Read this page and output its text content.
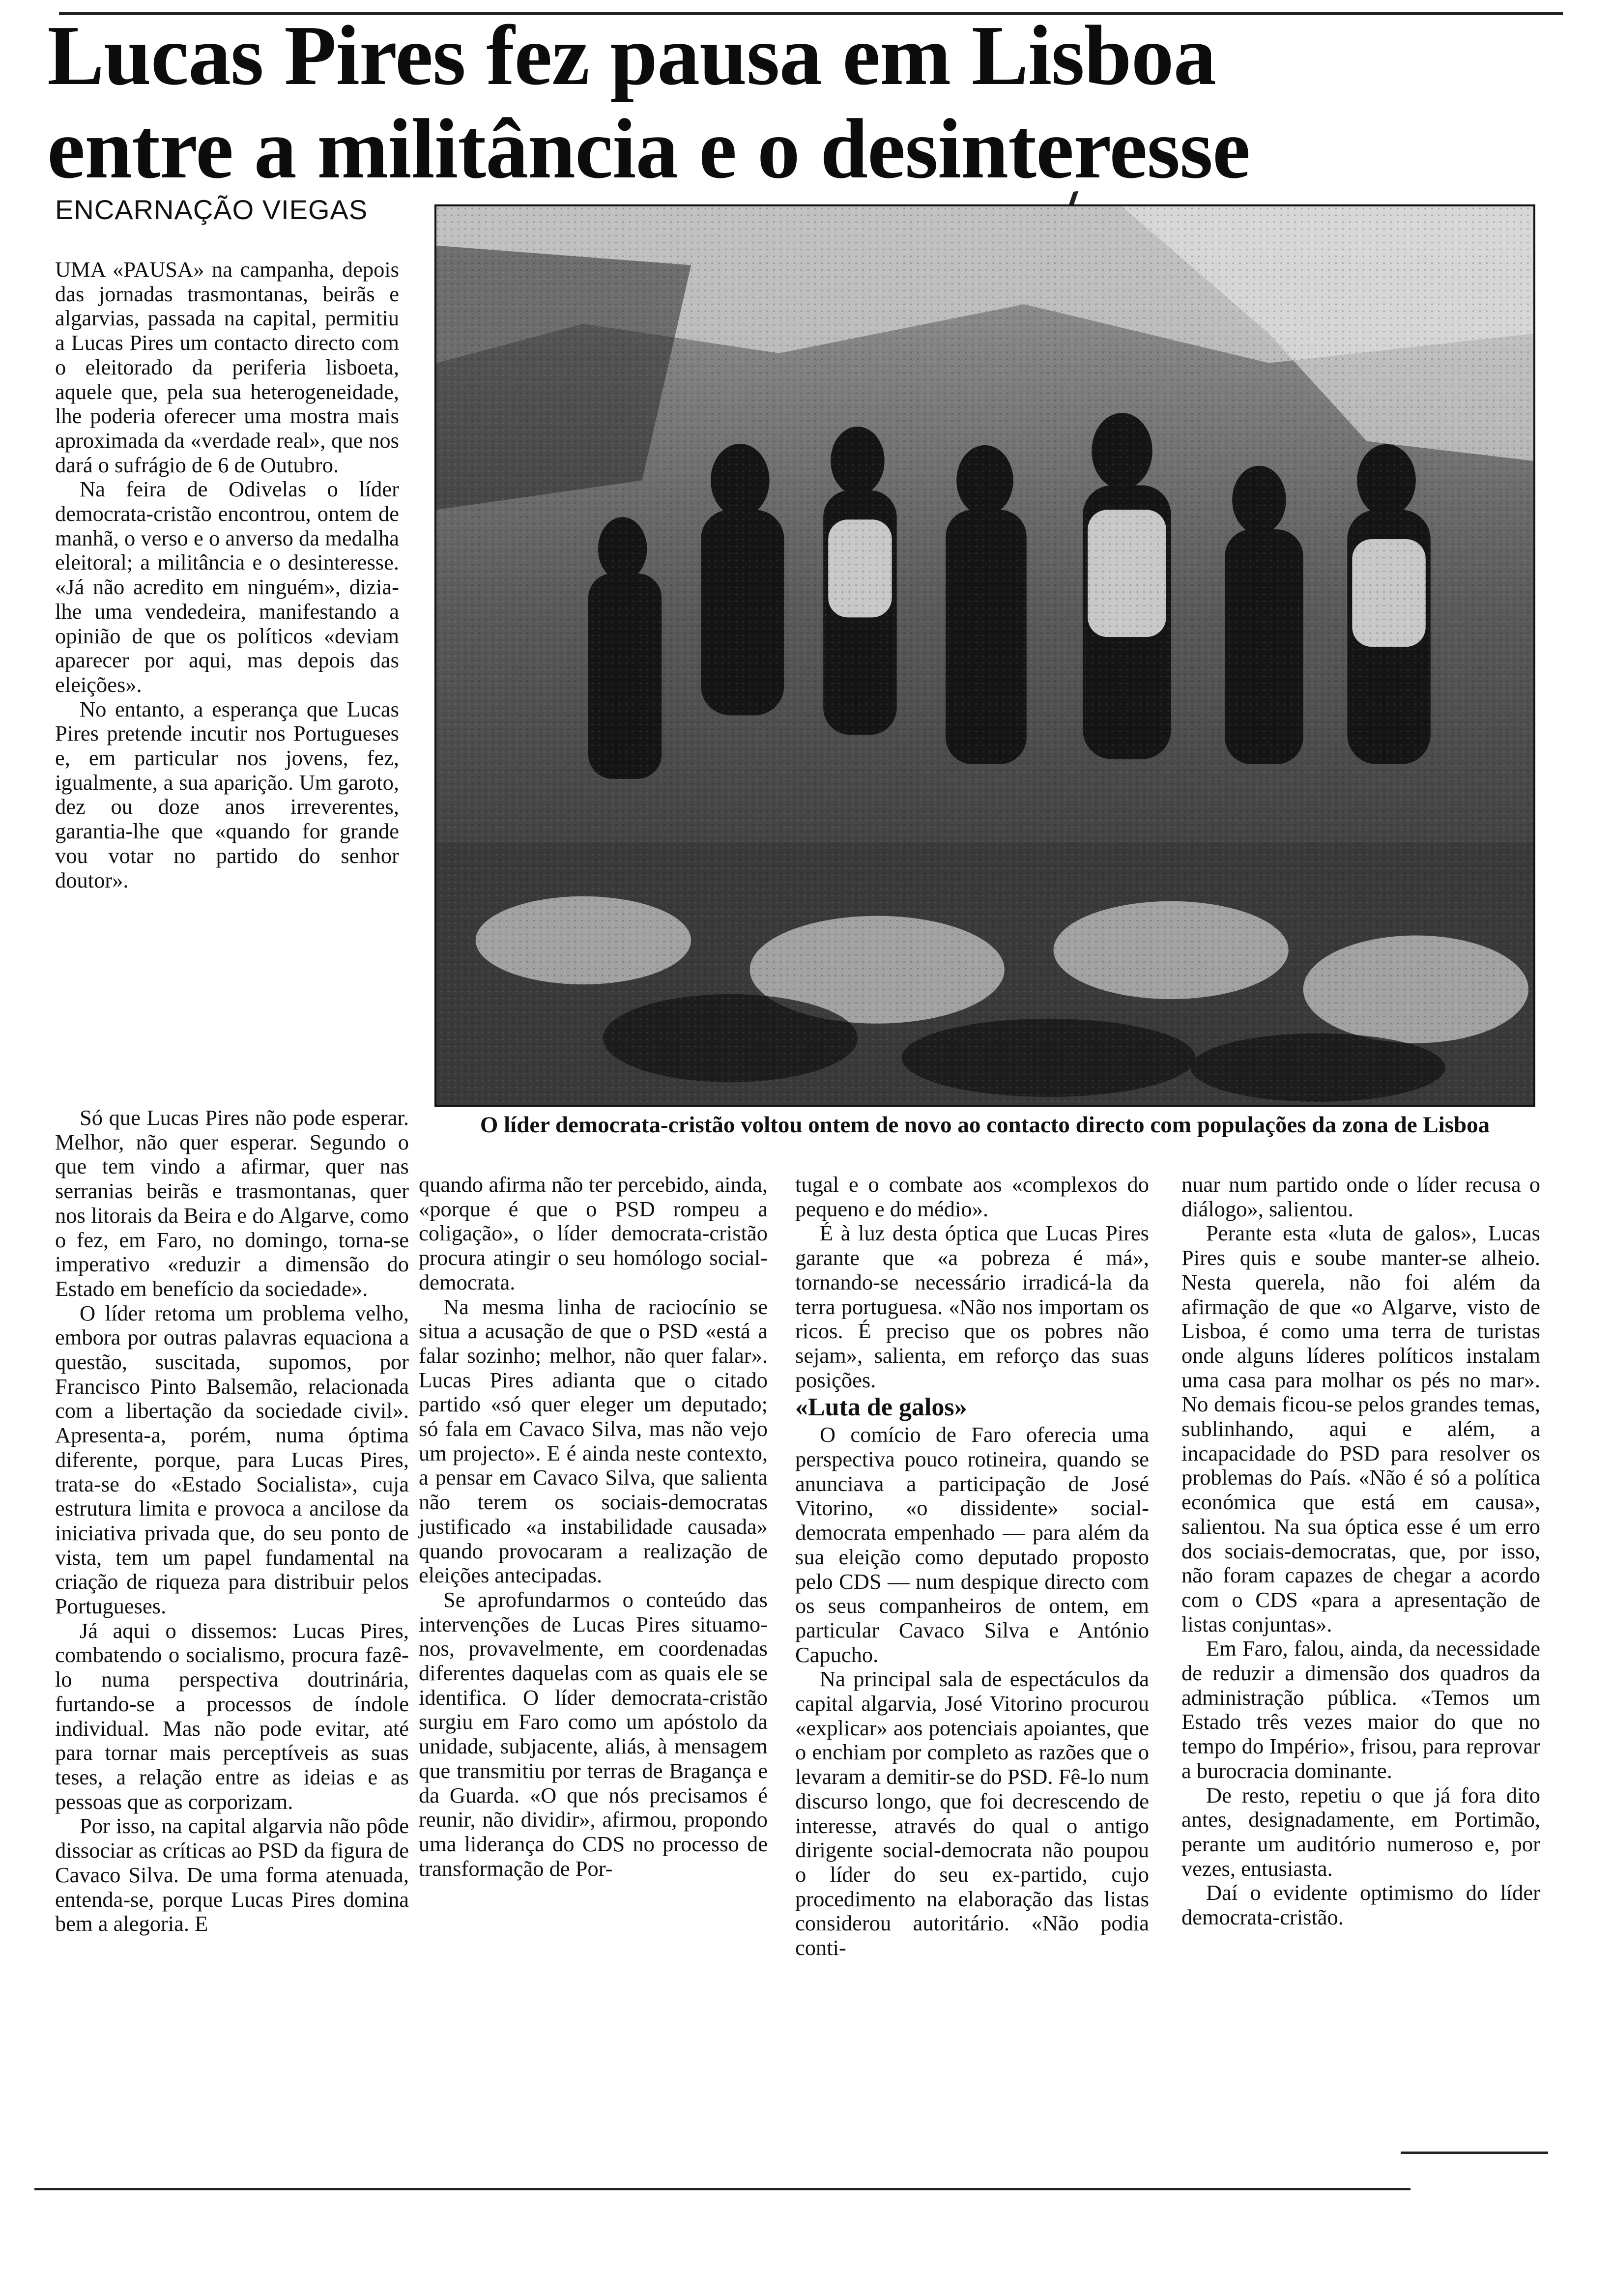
Lucas Pires fez pausa em Lisboa
entre a militância e o desinteresse
ENCARNAÇÃO VIEGAS

UMA «PAUSA» na campanha, depois das jornadas trasmontanas, beirãs e algarvias, passada na capital, permitiu a Lucas Pires um contacto directo com o eleitorado da periferia lisboeta, aquele que, pela sua heterogeneidade, lhe poderia oferecer uma mostra mais aproximada da «verdade real», que nos dará o sufrágio de 6 de Outubro.

Na feira de Odivelas o líder democrata-cristão encontrou, ontem de manhã, o verso e o anverso da medalha eleitoral; a militância e o desinteresse. «Já não acredito em ninguém», dizia-lhe uma vendedeira, manifestando a opinião de que os políticos «deviam aparecer por aqui, mas depois das eleições».

No entanto, a esperança que Lucas Pires pretende incutir nos Portugueses e, em particular nos jovens, fez, igualmente, a sua aparição. Um garoto, dez ou doze anos irreverentes, garantia-lhe que «quando for grande vou votar no partido do senhor doutor».

O líder democrata-cristão voltou ontem de novo ao contacto directo com populações da zona de Lisboa

Só que Lucas Pires não pode esperar. Melhor, não quer esperar. Segundo o que tem vindo a afirmar, quer nas serranias beirãs e trasmontanas, quer nos litorais da Beira e do Algarve, como o fez, em Faro, no domingo, torna-se imperativo «reduzir a dimensão do Estado em benefício da sociedade».

O líder retoma um problema velho, embora por outras palavras equaciona a questão, suscitada, supomos, por Francisco Pinto Balsemão, relacionada com a libertação da sociedade civil». Apresenta-a, porém, numa óptima diferente, porque, para Lucas Pires, trata-se do «Estado Socialista», cuja estrutura limita e provoca a ancilose da iniciativa privada que, do seu ponto de vista, tem um papel fundamental na criação de riqueza para distribuir pelos Portugueses.

Já aqui o dissemos: Lucas Pires, combatendo o socialismo, procura fazê-lo numa perspectiva doutrinária, furtando-se a processos de índole individual. Mas não pode evitar, até para tornar mais perceptíveis as suas teses, a relação entre as ideias e as pessoas que as corporizam.

Por isso, na capital algarvia não pôde dissociar as críticas ao PSD da figura de Cavaco Silva. De uma forma atenuada, entenda-se, porque Lucas Pires domina bem a alegoria. E

quando afirma não ter percebido, ainda, «porque é que o PSD rompeu a coligação», o líder democrata-cristão procura atingir o seu homólogo social-democrata.

Na mesma linha de raciocínio se situa a acusação de que o PSD «está a falar sozinho; melhor, não quer falar». Lucas Pires adianta que o citado partido «só quer eleger um deputado; só fala em Cavaco Silva, mas não vejo um projecto». E é ainda neste contexto, a pensar em Cavaco Silva, que salienta não terem os sociais-democratas justificado «a instabilidade causada» quando provocaram a realização de eleições antecipadas.

Se aprofundarmos o conteúdo das intervenções de Lucas Pires situamo-nos, provavelmente, em coordenadas diferentes daquelas com as quais ele se identifica. O líder democrata-cristão surgiu em Faro como um apóstolo da unidade, subjacente, aliás, à mensagem que transmitiu por terras de Bragança e da Guarda. «O que nós precisamos é reunir, não dividir», afirmou, propondo uma liderança do CDS no processo de transformação de Por-

tugal e o combate aos «complexos do pequeno e do médio».

É à luz desta óptica que Lucas Pires garante que «a pobreza é má», tornando-se necessário irradicá-la da terra portuguesa. «Não nos importam os ricos. É preciso que os pobres não sejam», salienta, em reforço das suas posições.

«Luta de galos»

O comício de Faro oferecia uma perspectiva pouco rotineira, quando se anunciava a participação de José Vitorino, «o dissidente» social-democrata empenhado — para além da sua eleição como deputado proposto pelo CDS — num despique directo com os seus companheiros de ontem, em particular Cavaco Silva e António Capucho.

Na principal sala de espectáculos da capital algarvia, José Vitorino procurou «explicar» aos potenciais apoiantes, que o enchiam por completo as razões que o levaram a demitir-se do PSD. Fê-lo num discurso longo, que foi decrescendo de interesse, através do qual o antigo dirigente social-democrata não poupou o líder do seu ex-partido, cujo procedimento na elaboração das listas considerou autoritário. «Não podia conti-

nuar num partido onde o líder recusa o diálogo», salientou.

Perante esta «luta de galos», Lucas Pires quis e soube manter-se alheio. Nesta querela, não foi além da afirmação de que «o Algarve, visto de Lisboa, é como uma terra de turistas onde alguns líderes políticos instalam uma casa para molhar os pés no mar». No demais ficou-se pelos grandes temas, sublinhando, aqui e além, a incapacidade do PSD para resolver os problemas do País. «Não é só a política económica que está em causa», salientou. Na sua óptica esse é um erro dos sociais-democratas, que, por isso, não foram capazes de chegar a acordo com o CDS «para a apresentação de listas conjuntas».

Em Faro, falou, ainda, da necessidade de reduzir a dimensão dos quadros da administração pública. «Temos um Estado três vezes maior do que no tempo do Império», frisou, para reprovar a burocracia dominante.

De resto, repetiu o que já fora dito antes, designadamente, em Portimão, perante um auditório numeroso e, por vezes, entusiasta.

Daí o evidente optimismo do líder democrata-cristão.
